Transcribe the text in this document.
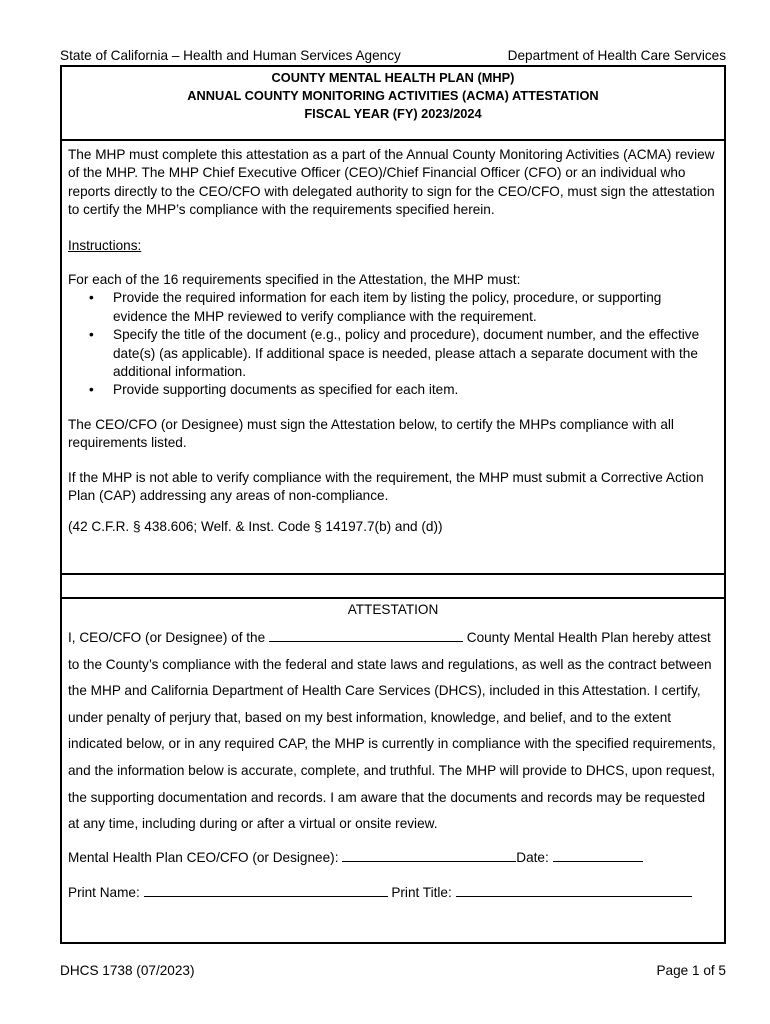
State of California – Health and Human Services Agency	Department of Health Care Services
COUNTY MENTAL HEALTH PLAN (MHP)
ANNUAL COUNTY MONITORING ACTIVITIES (ACMA) ATTESTATION
FISCAL YEAR (FY) 2023/2024

The MHP must complete this attestation as a part of the Annual County Monitoring Activities (ACMA) review of the MHP. The MHP Chief Executive Officer (CEO)/Chief Financial Officer (CFO) or an individual who reports directly to the CEO/CFO with delegated authority to sign for the CEO/CFO, must sign the attestation to certify the MHP’s compliance with the requirements specified herein.

Instructions:

For each of the 16 requirements specified in the Attestation, the MHP must:

• Provide the required information for each item by listing the policy, procedure, or supporting evidence the MHP reviewed to verify compliance with the requirement.
• Specify the title of the document (e.g., policy and procedure), document number, and the effective date(s) (as applicable). If additional space is needed, please attach a separate document with the additional information.
• Provide supporting documents as specified for each item.

The CEO/CFO (or Designee) must sign the Attestation below, to certify the MHPs compliance with all requirements listed.

If the MHP is not able to verify compliance with the requirement, the MHP must submit a Corrective Action Plan (CAP) addressing any areas of non-compliance.

(42 C.F.R. § 438.606; Welf. & Inst. Code § 14197.7(b) and (d))

ATTESTATION
I, CEO/CFO (or Designee) of the	County Mental Health Plan hereby attest to the County’s compliance with the federal and state laws and regulations, as well as the contract between the MHP and California Department of Health Care Services (DHCS), included in this Attestation. I certify, under penalty of perjury that, based on my best information, knowledge, and belief, and to the extent indicated below, or in any required CAP, the MHP is currently in compliance with the specified requirements, and the information below is accurate, complete, and truthful. The MHP will provide to DHCS, upon request, the supporting documentation and records. I am aware that the documents and records may be requested at any time, including during or after a virtual or onsite review.
Mental Health Plan CEO/CFO (or Designee):	Date:
Print Name:	Print Title:
DHCS 1738 (07/2023)	Page 1 of 5
